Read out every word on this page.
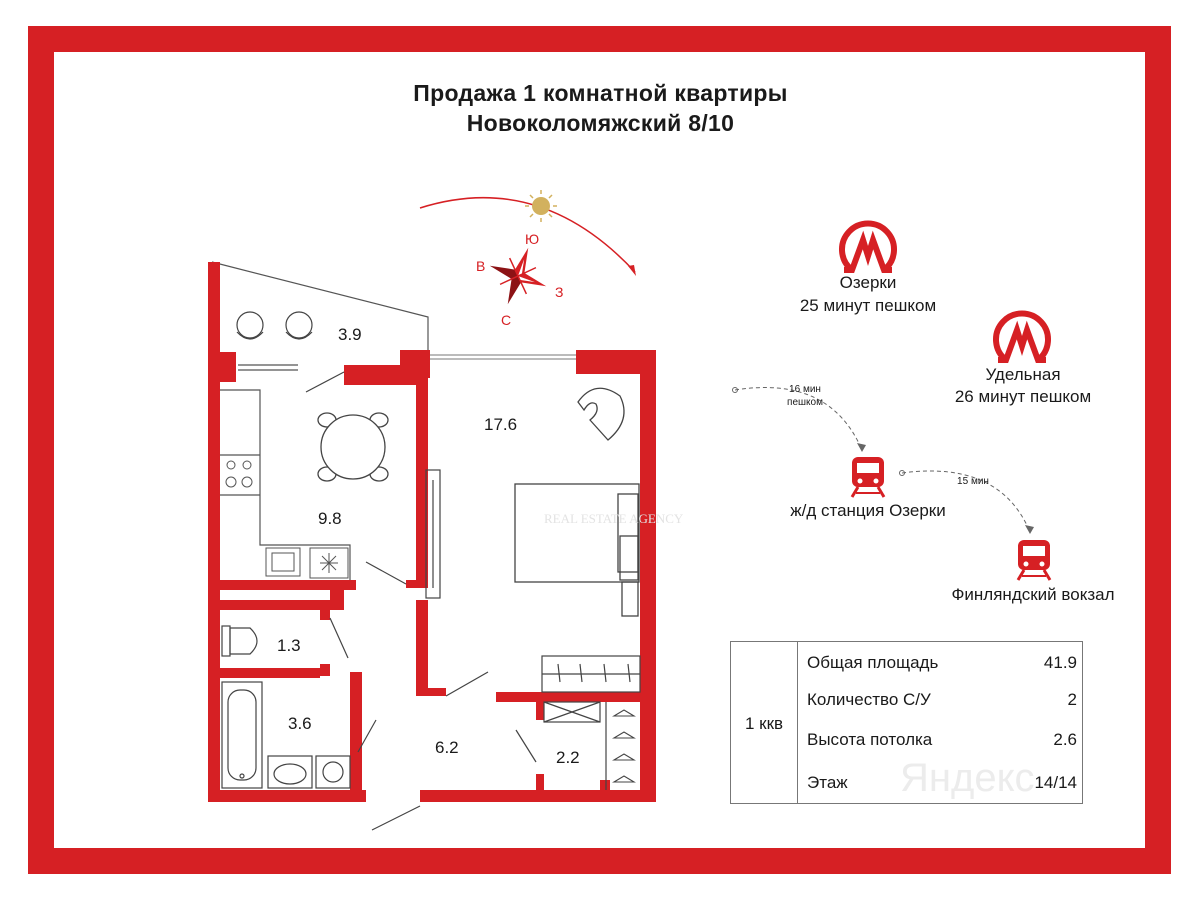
Продажа 1 комнатной квартиры
Новоколомяжский 8/10
Ю
В
З
С
3.9
9.8
17.6
1.3
3.6
6.2
2.2
REAL ESTATE AGENCY
Яндекс
Озерки
25 минут пешком
Удельная
26 минут пешком
16 мин
пешком
ж/д станция Озерки
15 мин
Финляндский вокзал
1 ккв
Общая площадь	41.9
Количество С/У	2
Высота потолка	2.6
Этаж	14/14
